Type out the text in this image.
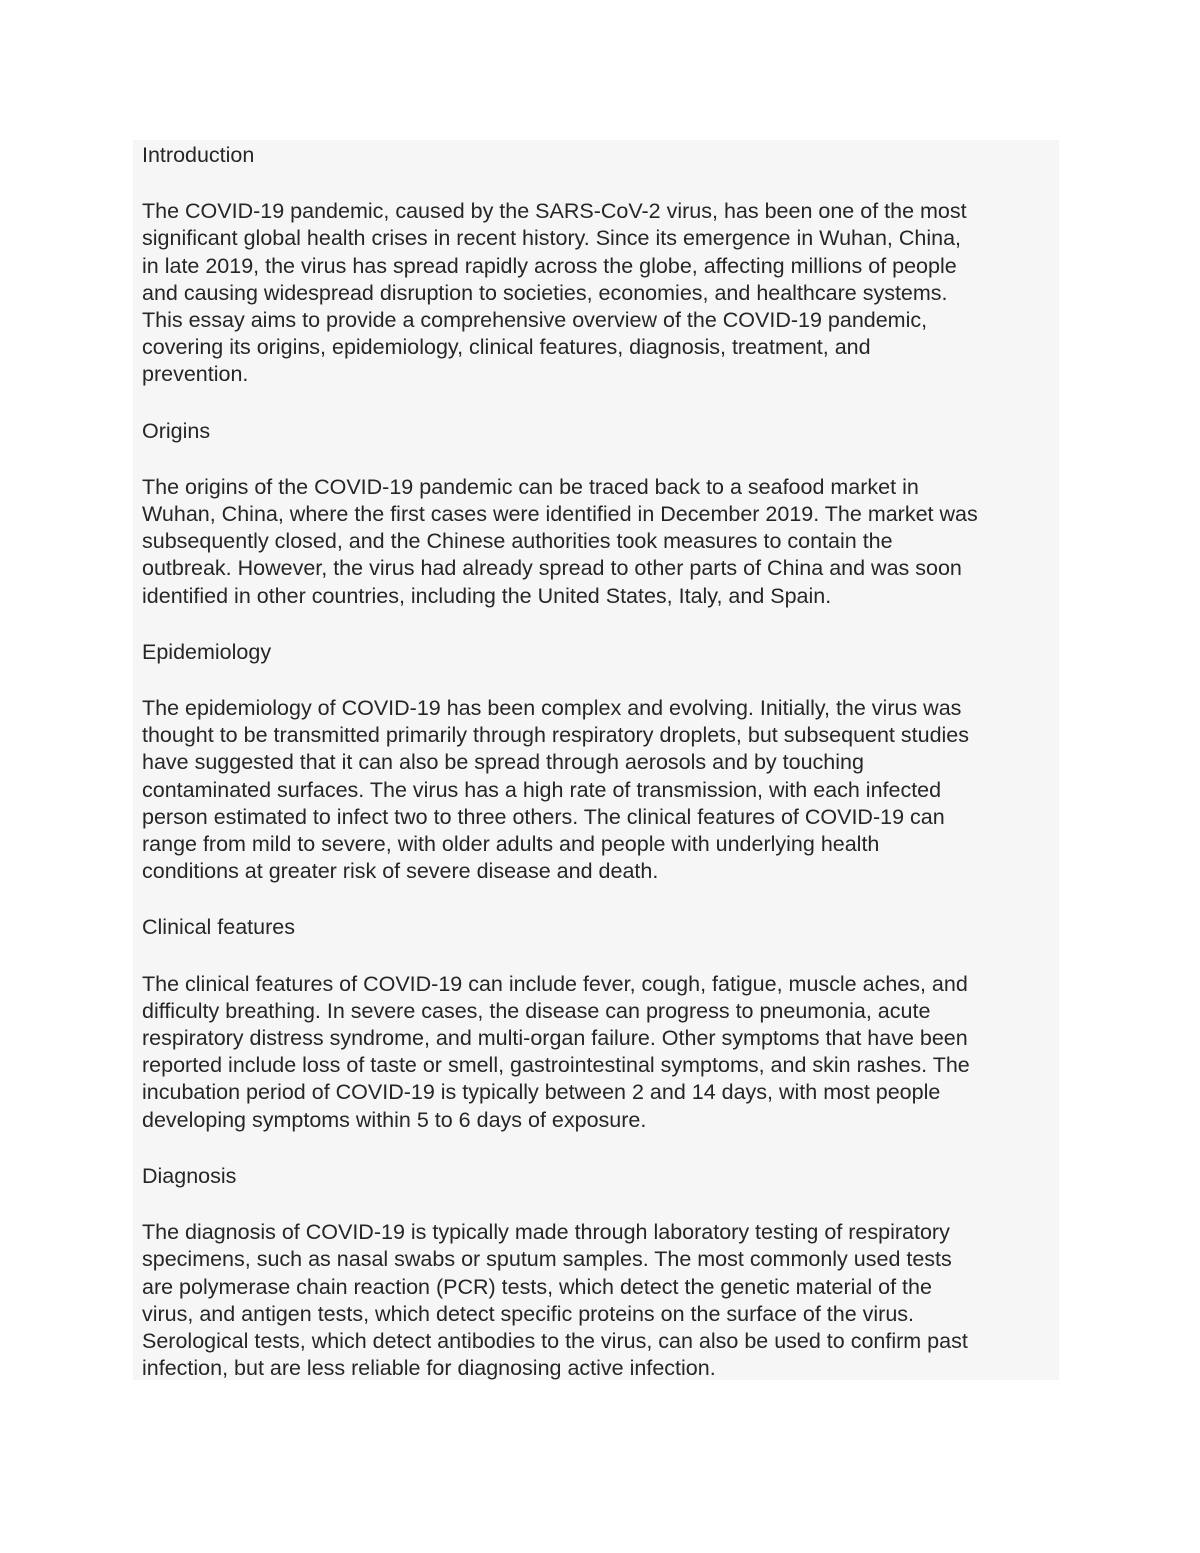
Introduction

The COVID-19 pandemic, caused by the SARS-CoV-2 virus, has been one of the most
significant global health crises in recent history. Since its emergence in Wuhan, China,
in late 2019, the virus has spread rapidly across the globe, affecting millions of people
and causing widespread disruption to societies, economies, and healthcare systems.
This essay aims to provide a comprehensive overview of the COVID-19 pandemic,
covering its origins, epidemiology, clinical features, diagnosis, treatment, and
prevention.

Origins

The origins of the COVID-19 pandemic can be traced back to a seafood market in
Wuhan, China, where the first cases were identified in December 2019. The market was
subsequently closed, and the Chinese authorities took measures to contain the
outbreak. However, the virus had already spread to other parts of China and was soon
identified in other countries, including the United States, Italy, and Spain.

Epidemiology

The epidemiology of COVID-19 has been complex and evolving. Initially, the virus was
thought to be transmitted primarily through respiratory droplets, but subsequent studies
have suggested that it can also be spread through aerosols and by touching
contaminated surfaces. The virus has a high rate of transmission, with each infected
person estimated to infect two to three others. The clinical features of COVID-19 can
range from mild to severe, with older adults and people with underlying health
conditions at greater risk of severe disease and death.

Clinical features

The clinical features of COVID-19 can include fever, cough, fatigue, muscle aches, and
difficulty breathing. In severe cases, the disease can progress to pneumonia, acute
respiratory distress syndrome, and multi-organ failure. Other symptoms that have been
reported include loss of taste or smell, gastrointestinal symptoms, and skin rashes. The
incubation period of COVID-19 is typically between 2 and 14 days, with most people
developing symptoms within 5 to 6 days of exposure.

Diagnosis

The diagnosis of COVID-19 is typically made through laboratory testing of respiratory
specimens, such as nasal swabs or sputum samples. The most commonly used tests
are polymerase chain reaction (PCR) tests, which detect the genetic material of the
virus, and antigen tests, which detect specific proteins on the surface of the virus.
Serological tests, which detect antibodies to the virus, can also be used to confirm past
infection, but are less reliable for diagnosing active infection.
